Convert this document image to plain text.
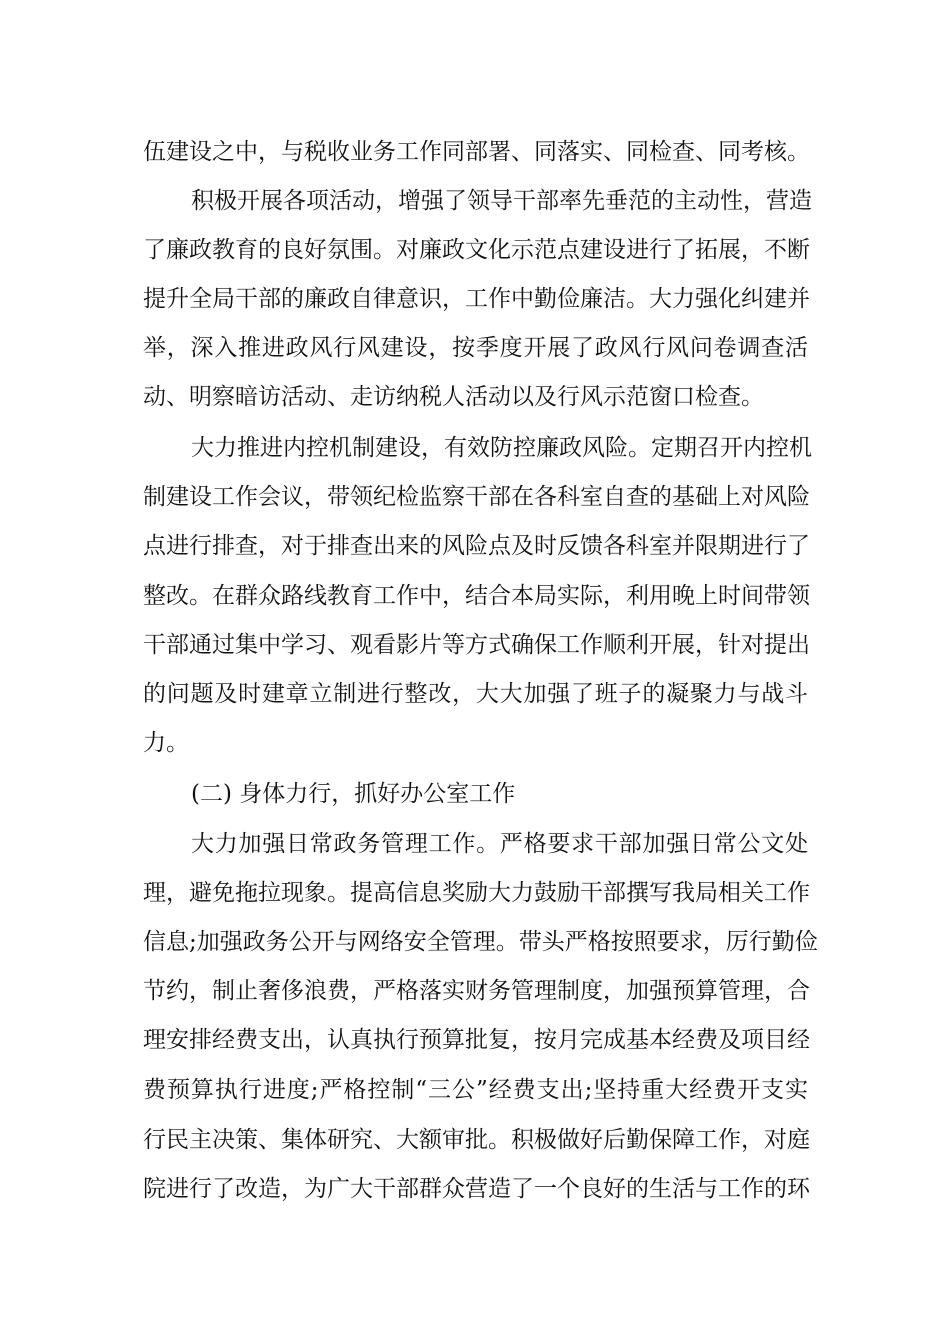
伍建设之中，与税收业务工作同部署、同落实、同检查、同考核。
积极开展各项活动，增强了领导干部率先垂范的主动性，营造
了廉政教育的良好氛围。对廉政文化示范点建设进行了拓展，不断
提升全局干部的廉政自律意识，工作中勤俭廉洁。大力强化纠建并
举，深入推进政风行风建设，按季度开展了政风行风问卷调查活
动、明察暗访活动、走访纳税人活动以及行风示范窗口检查。
大力推进内控机制建设，有效防控廉政风险。定期召开内控机
制建设工作会议，带领纪检监察干部在各科室自查的基础上对风险
点进行排查，对于排查出来的风险点及时反馈各科室并限期进行了
整改。在群众路线教育工作中，结合本局实际，利用晚上时间带领
干部通过集中学习、观看影片等方式确保工作顺利开展，针对提出
的问题及时建章立制进行整改，大大加强了班子的凝聚力与战斗
力。
(二) 身体力行，抓好办公室工作
大力加强日常政务管理工作。严格要求干部加强日常公文处
理，避免拖拉现象。提高信息奖励大力鼓励干部撰写我局相关工作
信息;加强政务公开与网络安全管理。带头严格按照要求，厉行勤俭
节约，制止奢侈浪费，严格落实财务管理制度，加强预算管理，合
理安排经费支出，认真执行预算批复，按月完成基本经费及项目经
费预算执行进度;严格控制“三公”经费支出;坚持重大经费开支实
行民主决策、集体研究、大额审批。积极做好后勤保障工作，对庭
院进行了改造，为广大干部群众营造了一个良好的生活与工作的环
